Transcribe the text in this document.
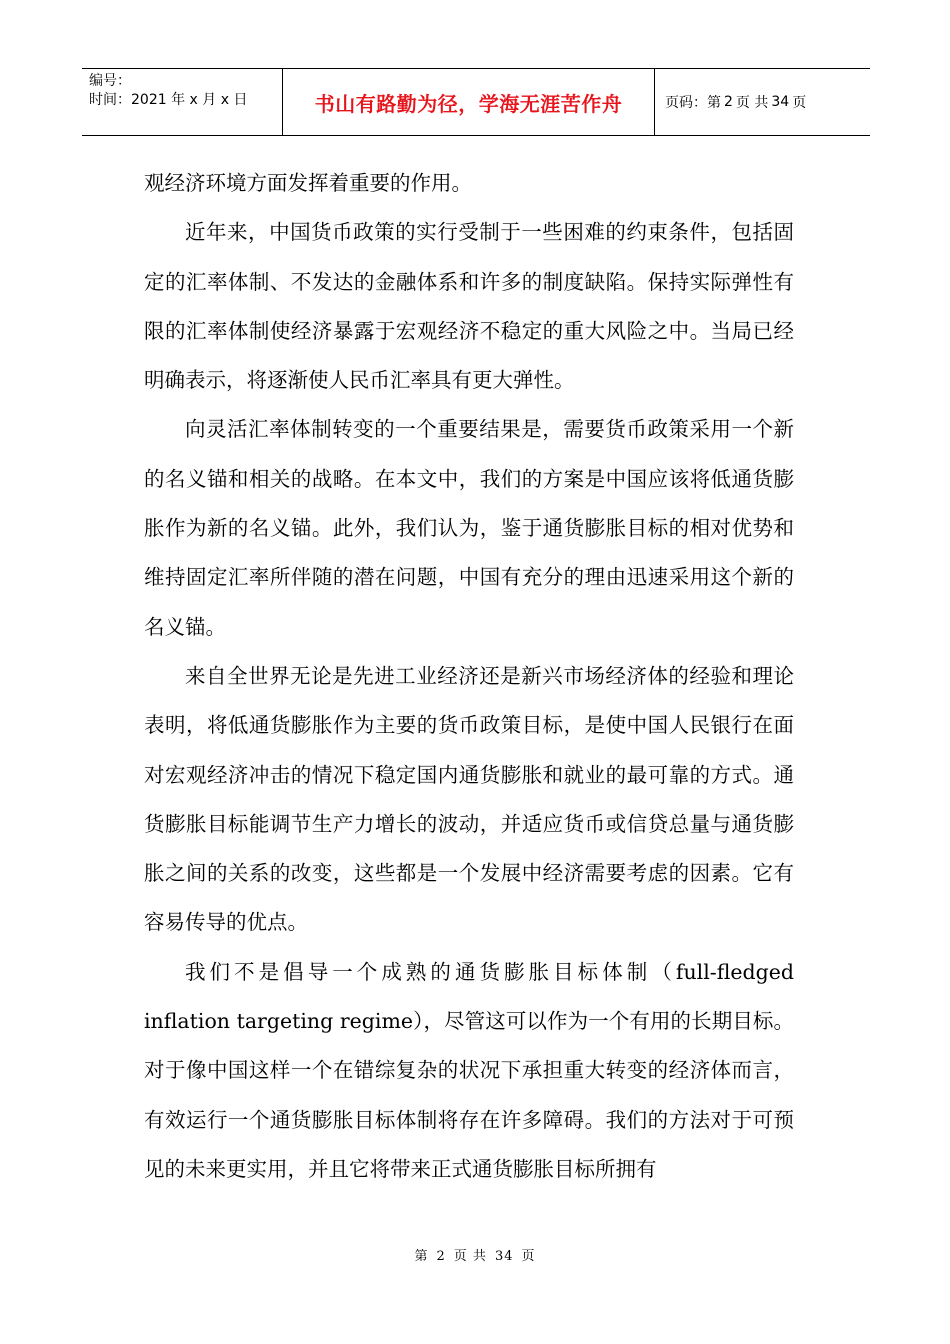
编号：
时间：2021 年 x 月 x 日	书山有路勤为径，学海无涯苦作舟	页码：第 2 页 共 34 页

观经济环境方面发挥着重要的作用。

近年来，中国货币政策的实行受制于一些困难的约束条件，包括固定的汇率体制、不发达的金融体系和许多的制度缺陷。保持实际弹性有限的汇率体制使经济暴露于宏观经济不稳定的重大风险之中。当局已经明确表示，将逐渐使人民币汇率具有更大弹性。

向灵活汇率体制转变的一个重要结果是，需要货币政策采用一个新的名义锚和相关的战略。在本文中，我们的方案是中国应该将低通货膨胀作为新的名义锚。此外，我们认为，鉴于通货膨胀目标的相对优势和维持固定汇率所伴随的潜在问题，中国有充分的理由迅速采用这个新的名义锚。

来自全世界无论是先进工业经济还是新兴市场经济体的经验和理论表明，将低通货膨胀作为主要的货币政策目标，是使中国人民银行在面对宏观经济冲击的情况下稳定国内通货膨胀和就业的最可靠的方式。通货膨胀目标能调节生产力增长的波动，并适应货币或信贷总量与通货膨胀之间的关系的改变，这些都是一个发展中经济需要考虑的因素。它有容易传导的优点。

我们不是倡导一个成熟的通货膨胀目标体制（full-fledged inflation targeting regime），尽管这可以作为一个有用的长期目标。对于像中国这样一个在错综复杂的状况下承担重大转变的经济体而言，有效运行一个通货膨胀目标体制将存在许多障碍。我们的方法对于可预见的未来更实用，并且它将带来正式通货膨胀目标所拥有

第 2 页 共 34 页
